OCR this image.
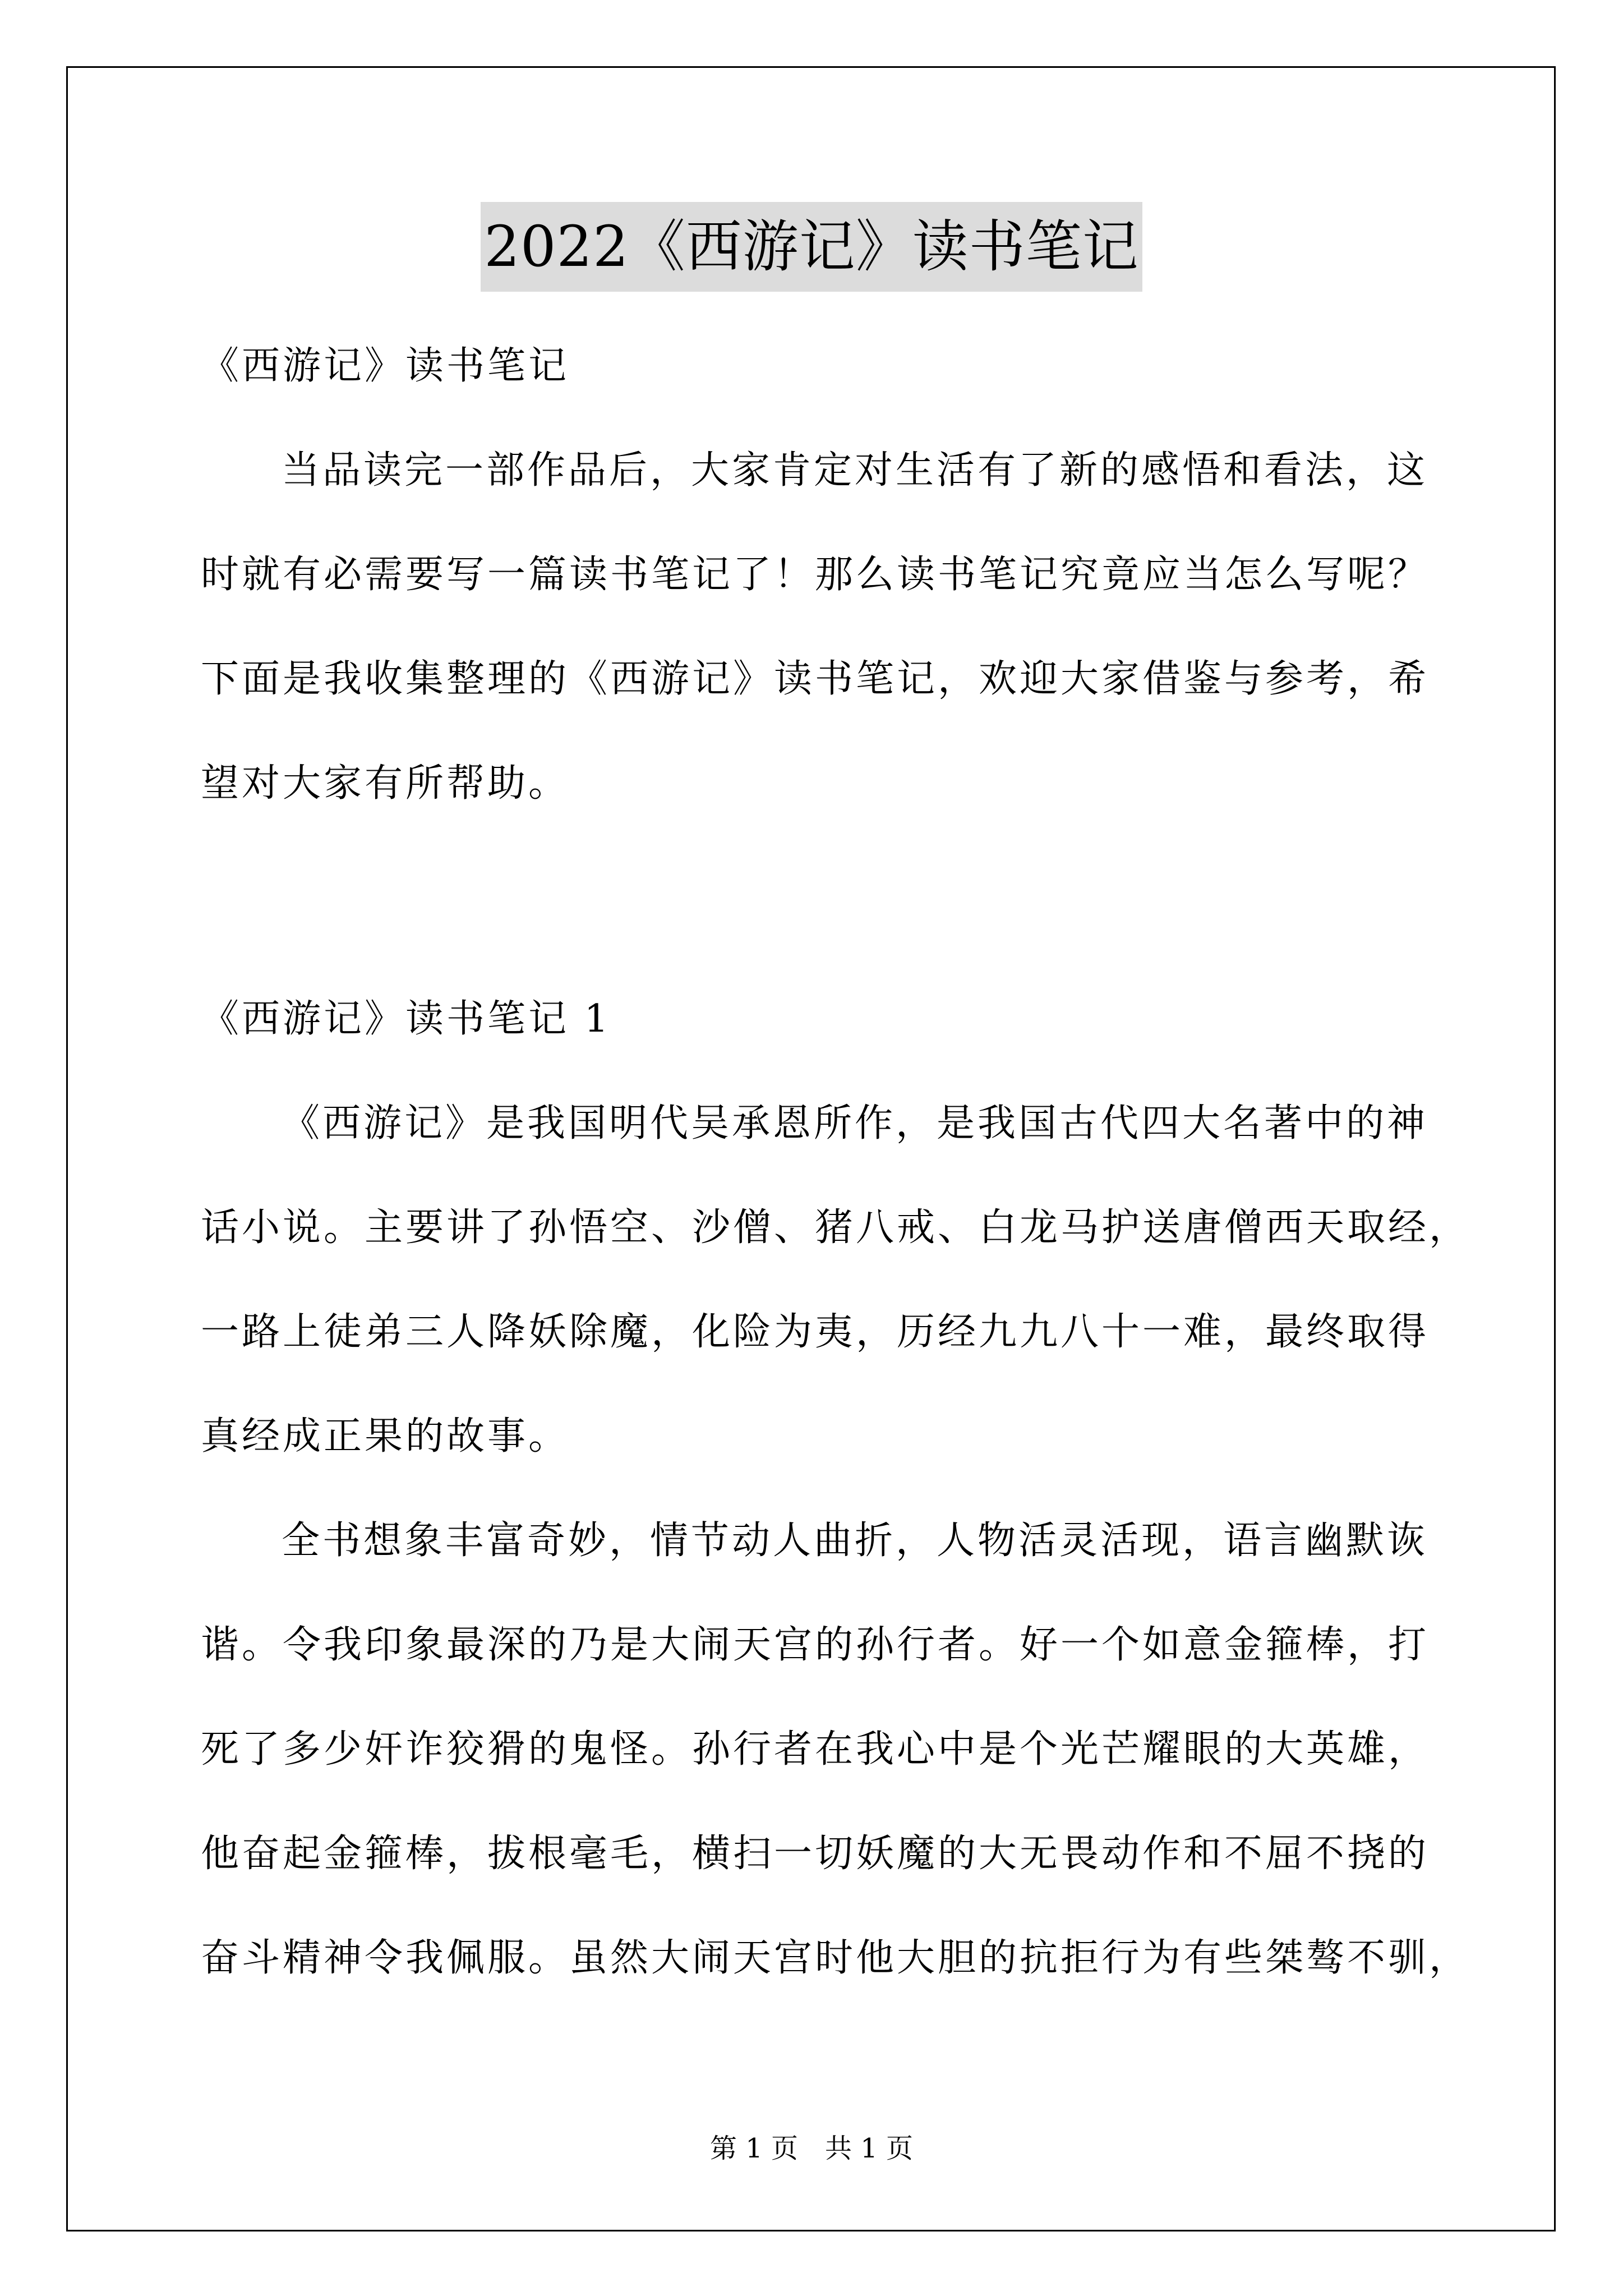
2022《西游记》读书笔记
《西游记》读书笔记
当品读完一部作品后，大家肯定对生活有了新的感悟和看法，这
时就有必需要写一篇读书笔记了！那么读书笔记究竟应当怎么写呢？
下面是我收集整理的《西游记》读书笔记，欢迎大家借鉴与参考，希
望对大家有所帮助。
《西游记》读书笔记 1
《西游记》是我国明代吴承恩所作，是我国古代四大名著中的神
话小说。主要讲了孙悟空、沙僧、猪八戒、白龙马护送唐僧西天取经，
一路上徒弟三人降妖除魔，化险为夷，历经九九八十一难，最终取得
真经成正果的故事。
全书想象丰富奇妙，情节动人曲折，人物活灵活现，语言幽默诙
谐。令我印象最深的乃是大闹天宫的孙行者。好一个如意金箍棒，打
死了多少奸诈狡猾的鬼怪。孙行者在我心中是个光芒耀眼的大英雄，
他奋起金箍棒，拔根毫毛，横扫一切妖魔的大无畏动作和不屈不挠的
奋斗精神令我佩服。虽然大闹天宫时他大胆的抗拒行为有些桀骜不驯，
第 1 页　共 1 页
